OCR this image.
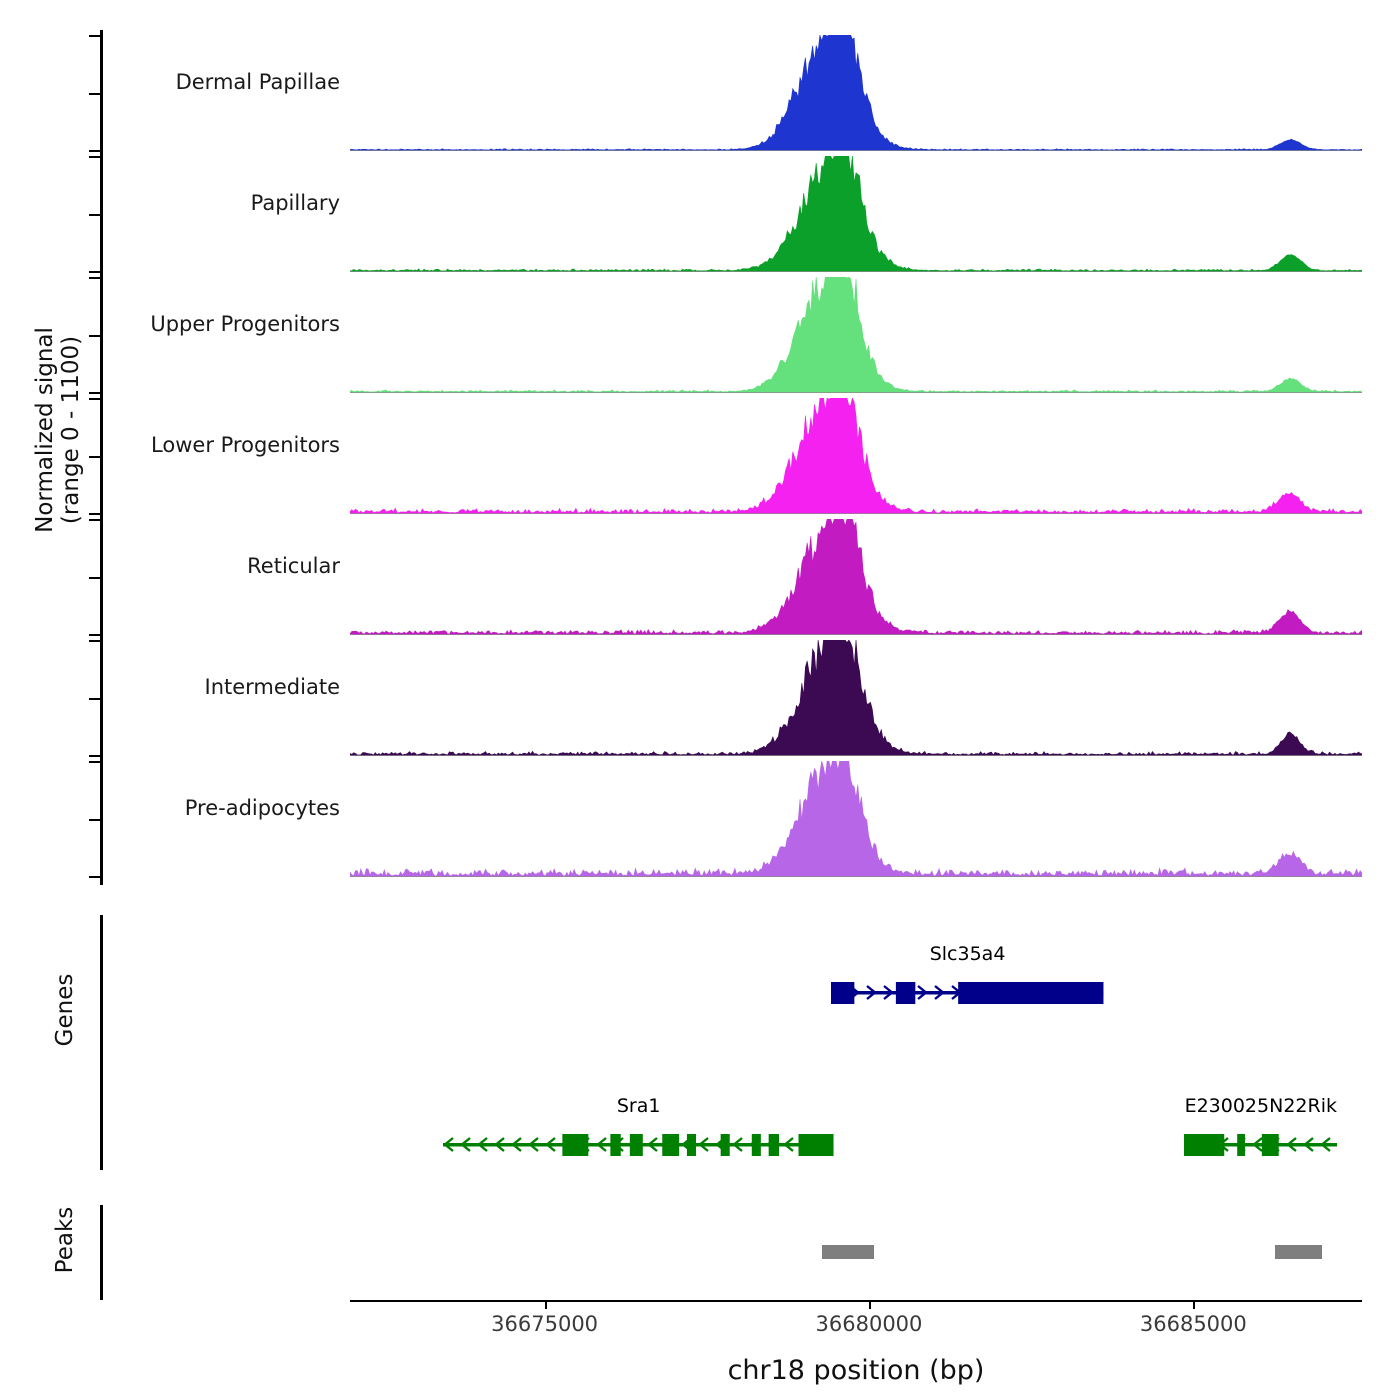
Normalized signal
(range 0 - 1100)
Genes
Peaks
Dermal Papillae
Papillary
Upper Progenitors
Lower Progenitors
Reticular
Intermediate
Pre-adipocytes
Slc35a4
Sra1	E230025N22Rik
36675000	36680000	36685000
chr18 position (bp)
